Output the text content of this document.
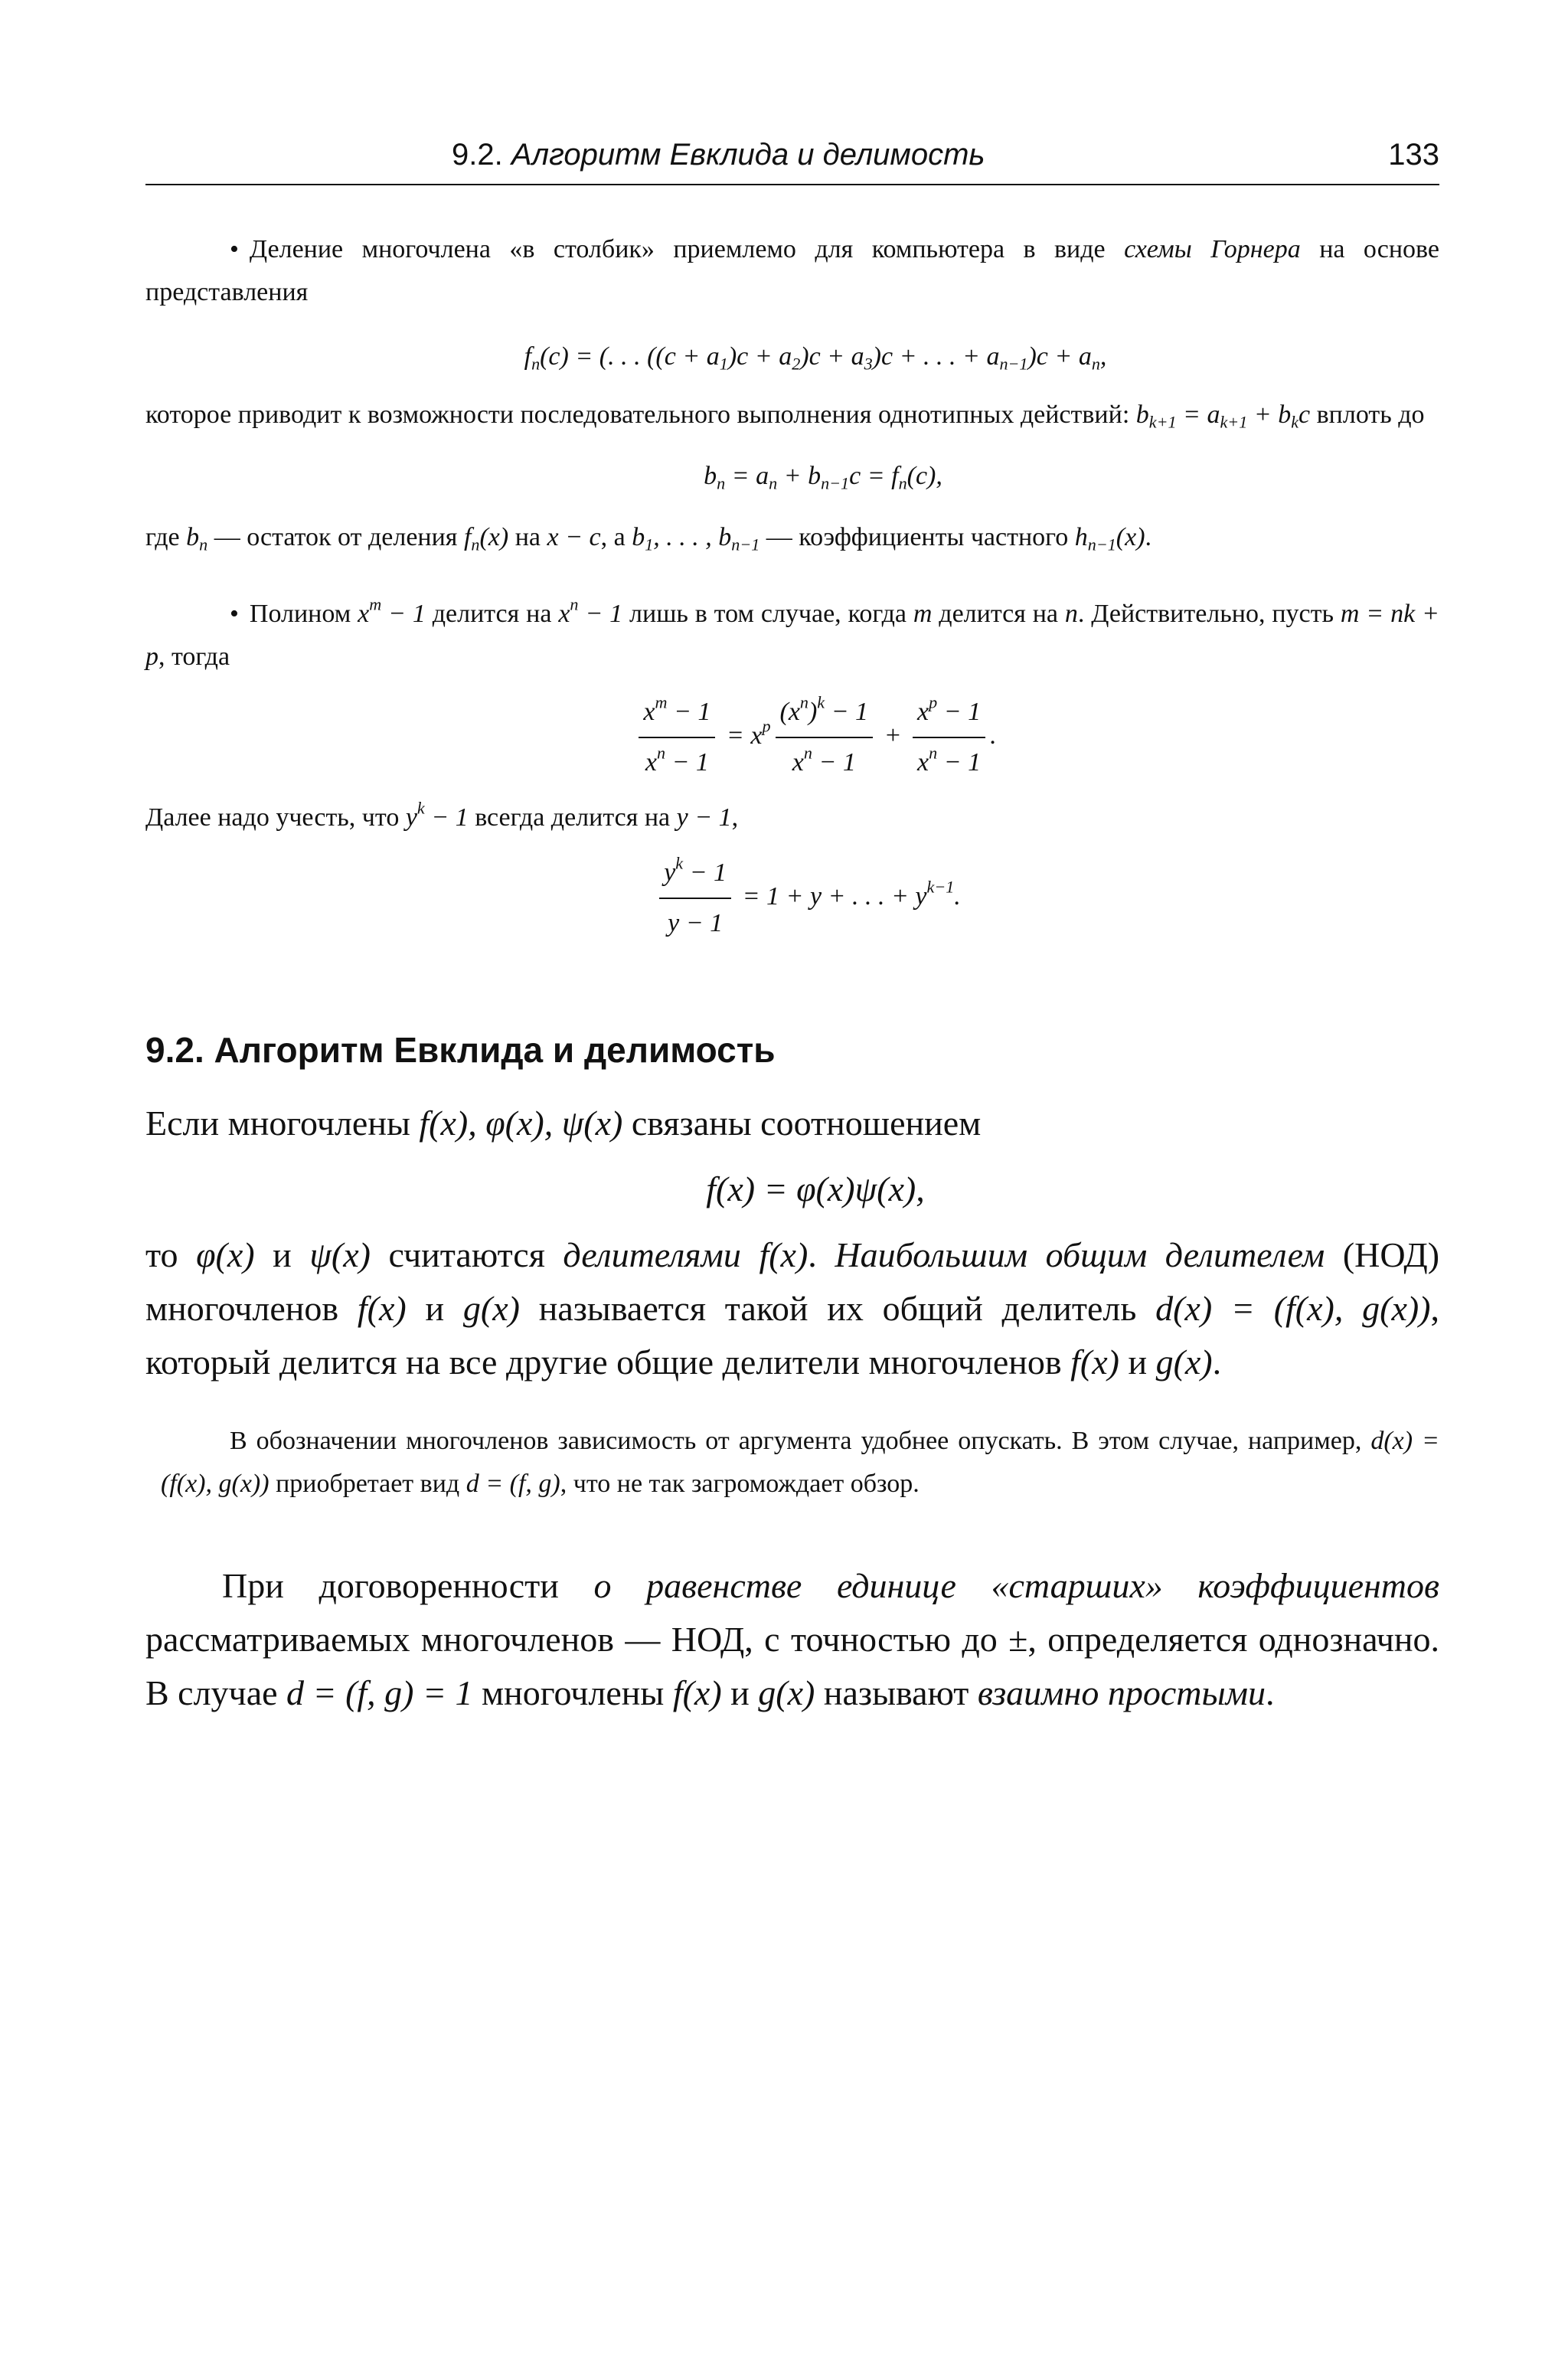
9.2. Алгоритм Евклида и делимость	133

• Деление многочлена «в столбик» приемлемо для компьютера в виде схемы Горнера на основе представления

$f_n(c)$ = (. . . $((c + a_1)c + a_2)c + a_3)c$ + . . . + $a_{n-1})c + a_n$,

которое приводит к возможности последовательного выполнения однотипных действий: $b_{k+1} = a_{k+1} + b_kc$ вплоть до

$b_n = a_n + b_{n-1}c = f_n(c)$,

где $b_n$ — остаток от деления $f_n(x)$ на x − c, а $b_1$, . . . , $b_{n-1}$ — коэффициенты частного $h_{n-1}(x)$.

• Полином $x^m - 1$ делится на $x^n - 1$ лишь в том случае, когда m делится на n. Действительно, пусть m = nk + p, тогда

$\frac{x^m - 1}{x^n - 1} = x^p \frac{(x^n)^k - 1}{x^n - 1} + \frac{x^p - 1}{x^n - 1}$ .

Далее надо учесть, что $y^k - 1$ всегда делится на y − 1,

$\frac{y^k - 1}{y - 1} = 1 + y$ + . . . + $y^{k-1}$.

9.2. Алгоритм Евклида и делимость

Если многочлены f(x), φ(x), ψ(x) связаны соотношением

f(x) = φ(x)ψ(x),

то φ(x) и ψ(x) считаются делителями f(x). Наибольшим общим делителем (НОД) многочленов f(x) и g(x) называется такой их общий делитель d(x) = (f(x), g(x)), который делится на все другие общие делители многочленов f(x) и g(x).

В обозначении многочленов зависимость от аргумента удобнее опускать. В этом случае, например, d(x) = (f(x), g(x)) приобретает вид d = (f, g), что не так загромождает обзор.

При договоренности о равенстве единице «старших» коэффициентов рассматриваемых многочленов — НОД, с точностью до ±, определяется однозначно. В случае d = (f, g) = 1 многочлены f(x) и g(x) называют взаимно простыми.
